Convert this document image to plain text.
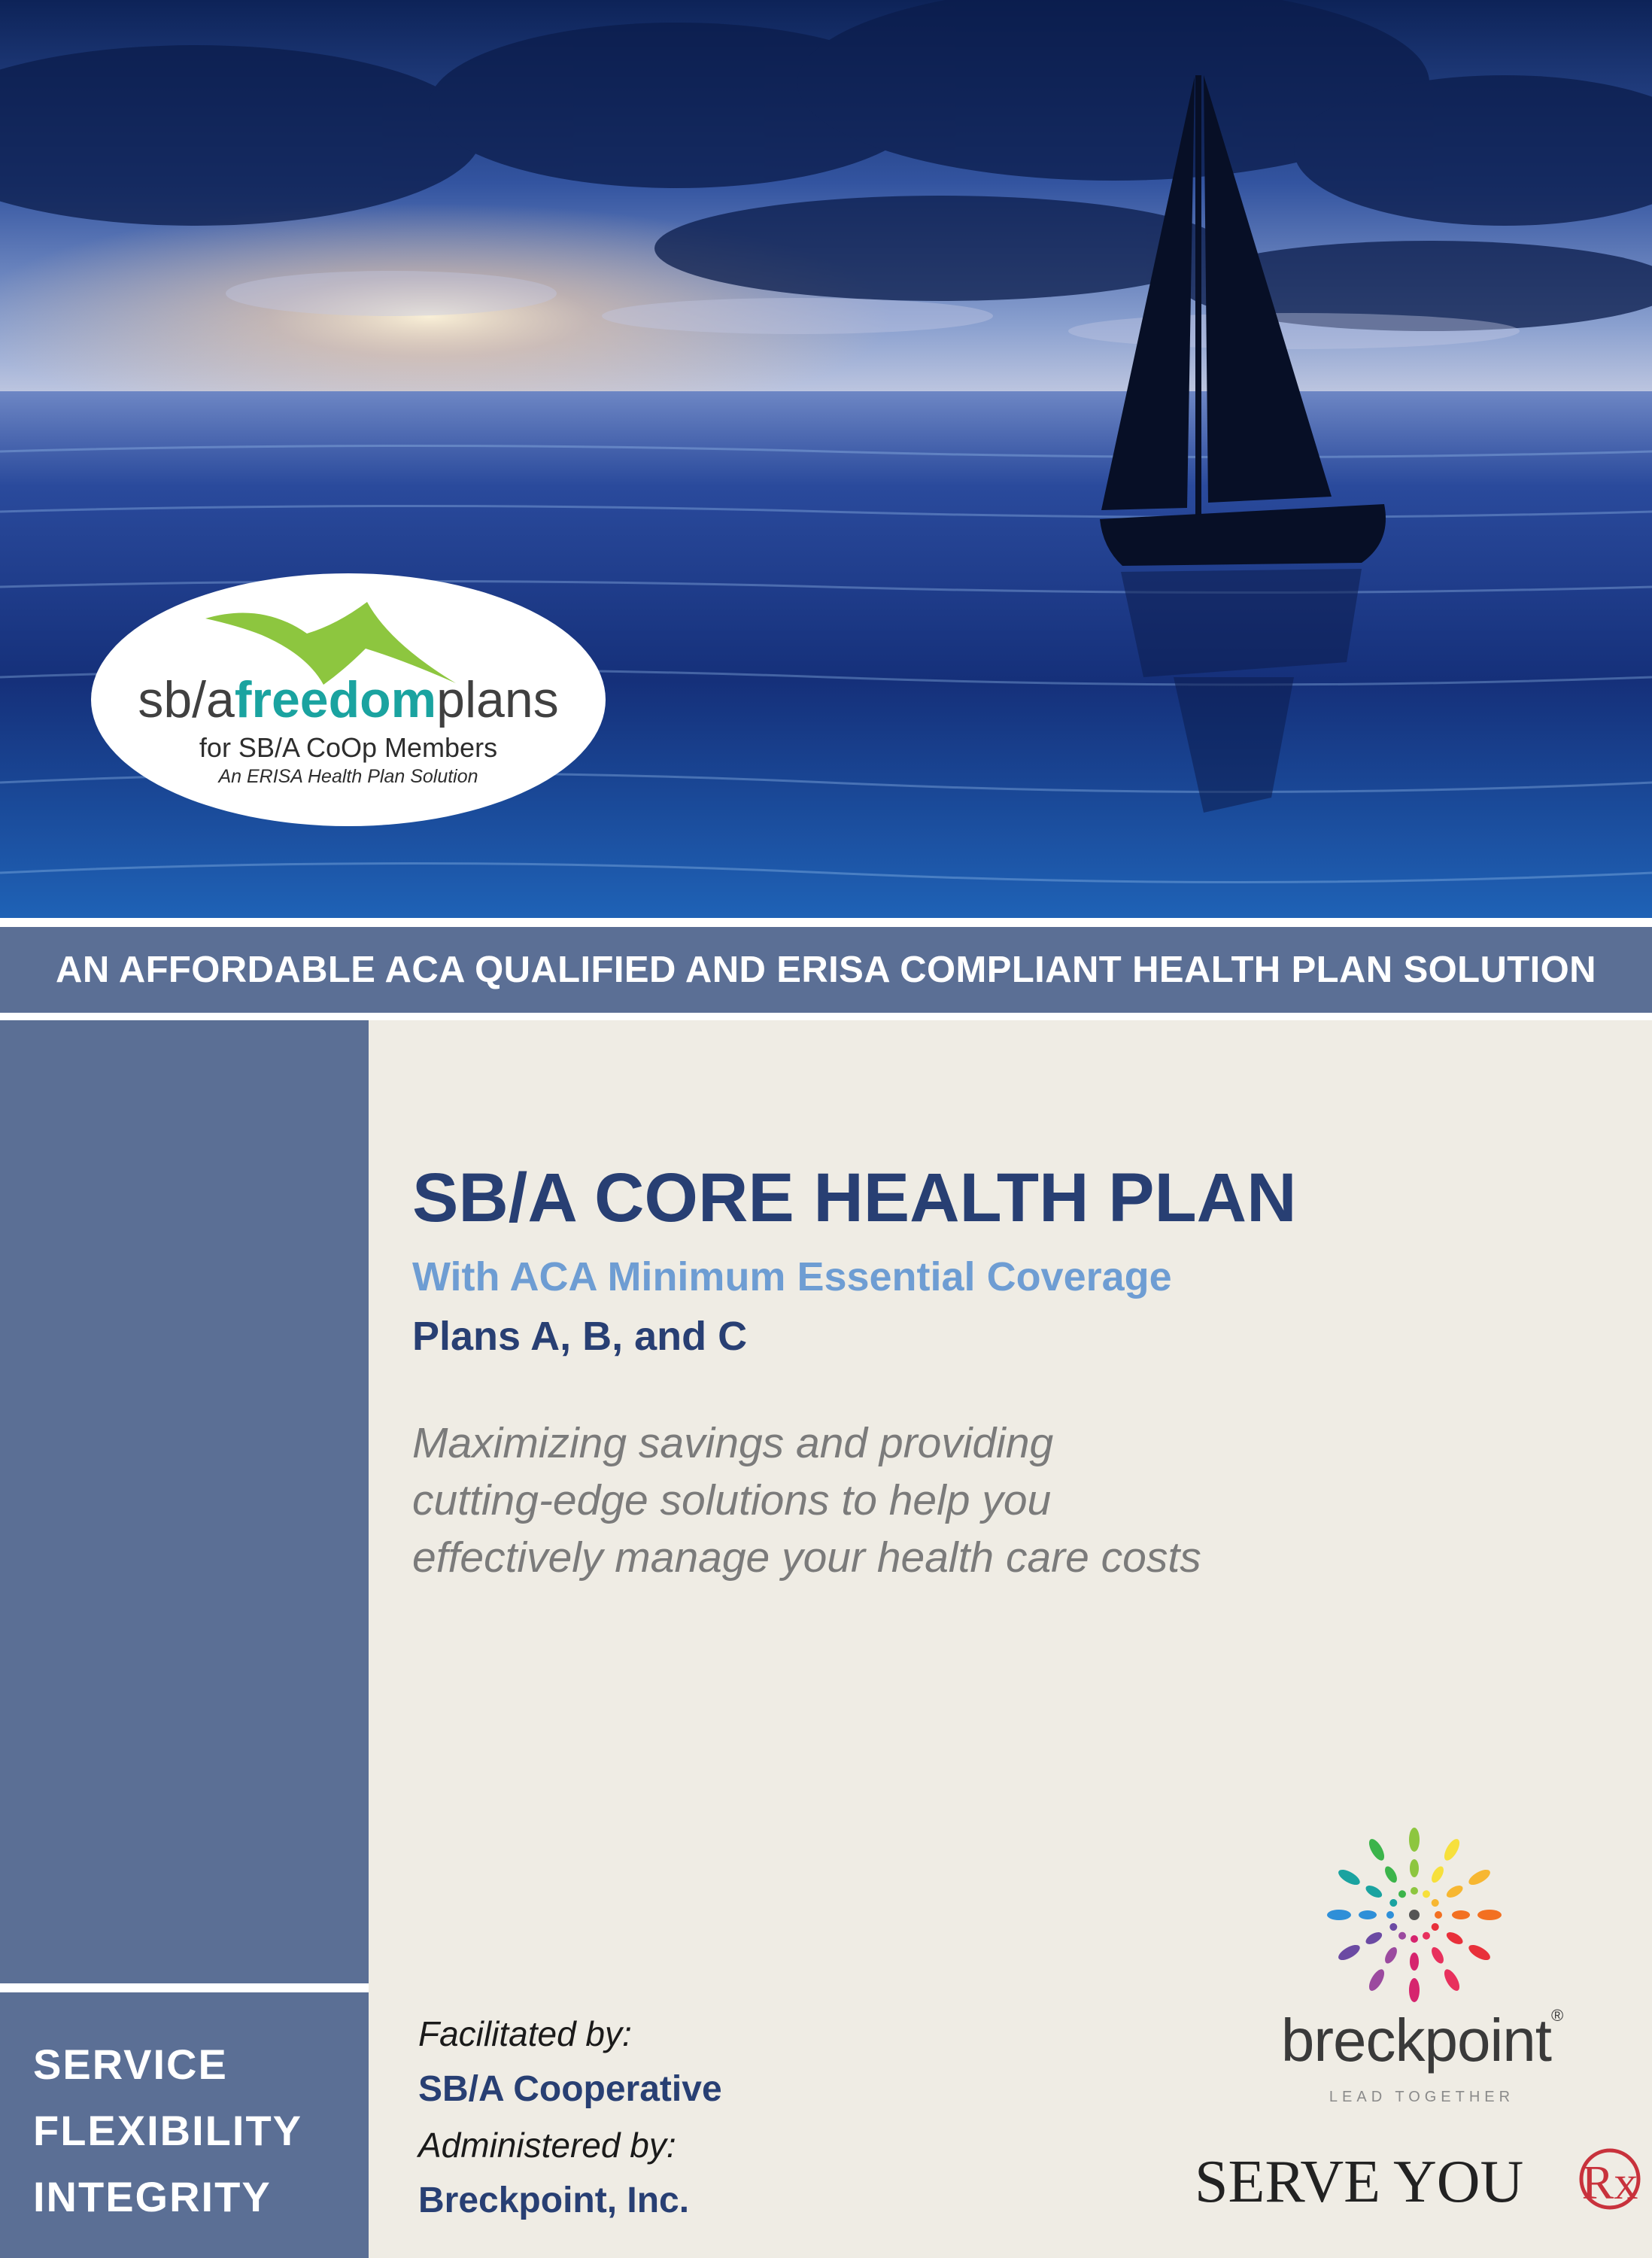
sb/afreedomplans
for SB/A CoOp Members
An ERISA Health Plan Solution
AN AFFORDABLE ACA QUALIFIED AND ERISA COMPLIANT HEALTH PLAN SOLUTION
SERVICE
FLEXIBILITY
INTEGRITY
SB/A CORE HEALTH PLAN
With ACA Minimum Essential Coverage
Plans A, B, and C
Maximizing savings and providing
cutting-edge solutions to help you
effectively manage your health care costs
Facilitated by:
SB/A Cooperative
Administered by:
Breckpoint, Inc.
breckpoint®
LEAD TOGETHER
SERVE YOU Rx
